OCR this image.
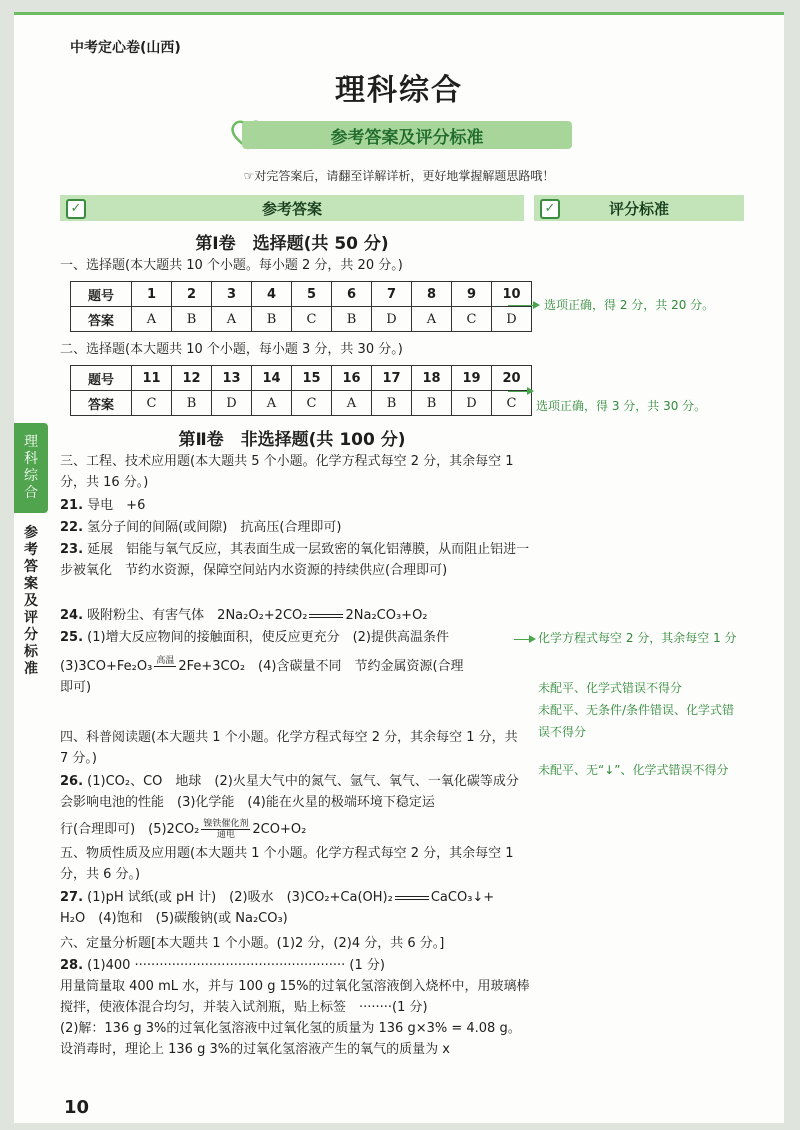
中考定心卷(山西)
理科综合
参考答案及评分标准
☞对完答案后，请翻至详解详析，更好地掌握解题思路哦！
✓	参考答案	✓	评分标准
理
科
综
合
参
考
答
案
及
评
分
标
准
第Ⅰ卷　选择题(共 50 分)
一、选择题(本大题共 10 个小题。每小题 2 分，共 20 分。)
题号	1	2	3	4	5	6	7	8	9	10
答案	A	B	A	B	C	B	D	A	C	D
选项正确，得 2 分，共 20 分。
二、选择题(本大题共 10 个小题，每小题 3 分，共 30 分。)
题号	11	12	13	14	15	16	17	18	19	20
答案	C	B	D	A	C	A	B	B	D	C 选项正确，得 3 分，共 30 分。
第Ⅱ卷　非选择题(共 100 分)
三、工程、技术应用题(本大题共 5 个小题。化学方程式每空 2 分，其余每空 1 分，共 16 分。)
21. 导电　+6
22. 氢分子间的间隔(或间隙)　抗高压(合理即可)
23. 延展　铝能与氧气反应，其表面生成一层致密的氧化铝薄膜，从而阻止铝进一步被氧化　节约水资源，保障空间站内水资源的持续供应(合理即可)
24. 吸附粉尘、有害气体　2Na₂O₂+2CO₂	2Na₂CO₃+O₂
25. (1)增大反应物间的接触面积，使反应更充分　(2)提供高温条件
(3)3CO+Fe₂O₃ 高温
2Fe+3CO₂　(4)含碳量不同　节约金属资源(合理
即可)
化学方程式每空 2 分，其余每空 1 分
未配平、化学式错误不得分
未配平、无条件/条件错误、化学式错误不得分
四、科普阅读题(本大题共 1 个小题。化学方程式每空 2 分，其余每空 1 分，共 7 分。)
26. (1)CO₂、CO　地球　(2)火星大气中的氮气、氩气、氧气、一氧化碳等成分会影响电池的性能　(3)化学能　(4)能在火星的极端环境下稳定运
行(合理即可)　$(5)2CO_2 \frac{\text{镍铁催化剂}}{\text{通电}} 2CO+O_2$
未配平、无“↓”、化学式错误不得分
五、物质性质及应用题(本大题共 1 个小题。化学方程式每空 2 分，其余每空 1 分，共 6 分。)
27. (1)pH 试纸(或 pH 计)　(2)吸水　(3)CO₂+Ca(OH)₂	CaCO₃↓+
H₂O　(4)饱和　(5)碳酸钠(或 Na₂CO₃)
六、定量分析题[本大题共 1 个小题。(1)2 分，(2)4 分，共 6 分。]
28. (1)400 ··················································· (1 分)
用量筒量取 400 mL 水，并与 100 g 15%的过氧化氢溶液倒入烧杯中，用玻璃棒搅拌，使液体混合均匀，并装入试剂瓶，贴上标签　········(1 分)
(2)解：136 g 3%的过氧化氢溶液中过氧化氢的质量为 136 g×3% = 4.08 g。
设消毒时，理论上 136 g 3%的过氧化氢溶液产生的氧气的质量为 x
10
